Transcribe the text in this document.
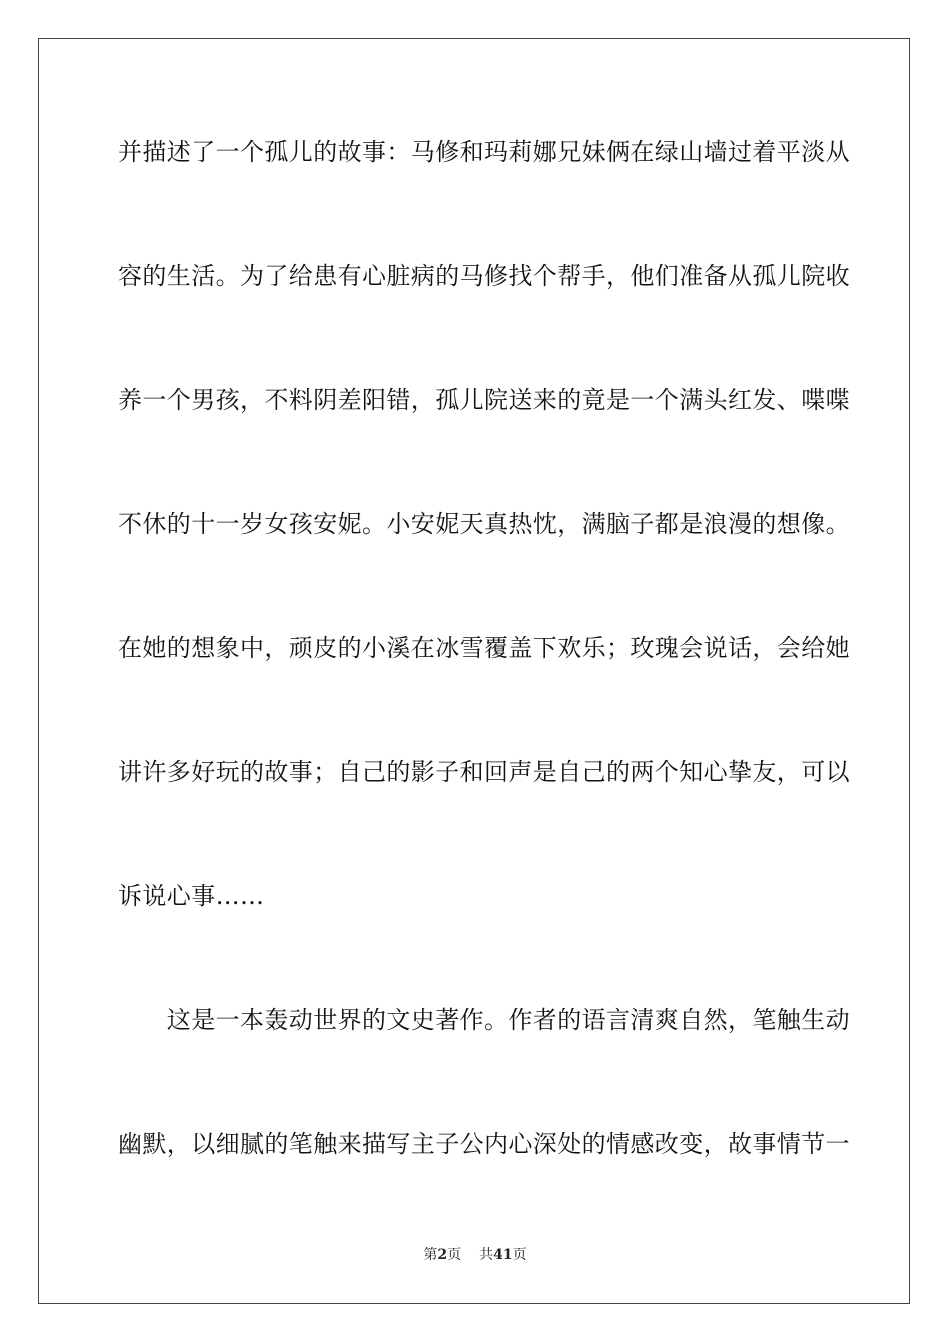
并描述了一个孤儿的故事：马修和玛莉娜兄妹俩在绿山墙过着平淡从
容的生活。为了给患有心脏病的马修找个帮手，他们准备从孤儿院收
养一个男孩，不料阴差阳错，孤儿院送来的竟是一个满头红发、喋喋
不休的十一岁女孩安妮。小安妮天真热忱，满脑子都是浪漫的想像。
在她的想象中，顽皮的小溪在冰雪覆盖下欢乐；玫瑰会说话，会给她
讲许多好玩的故事；自己的影子和回声是自己的两个知心挚友，可以
诉说心事……
　　这是一本轰动世界的文史著作。作者的语言清爽自然，笔触生动
幽默，以细腻的笔触来描写主子公内心深处的情感改变，故事情节一
第2页 共41页
